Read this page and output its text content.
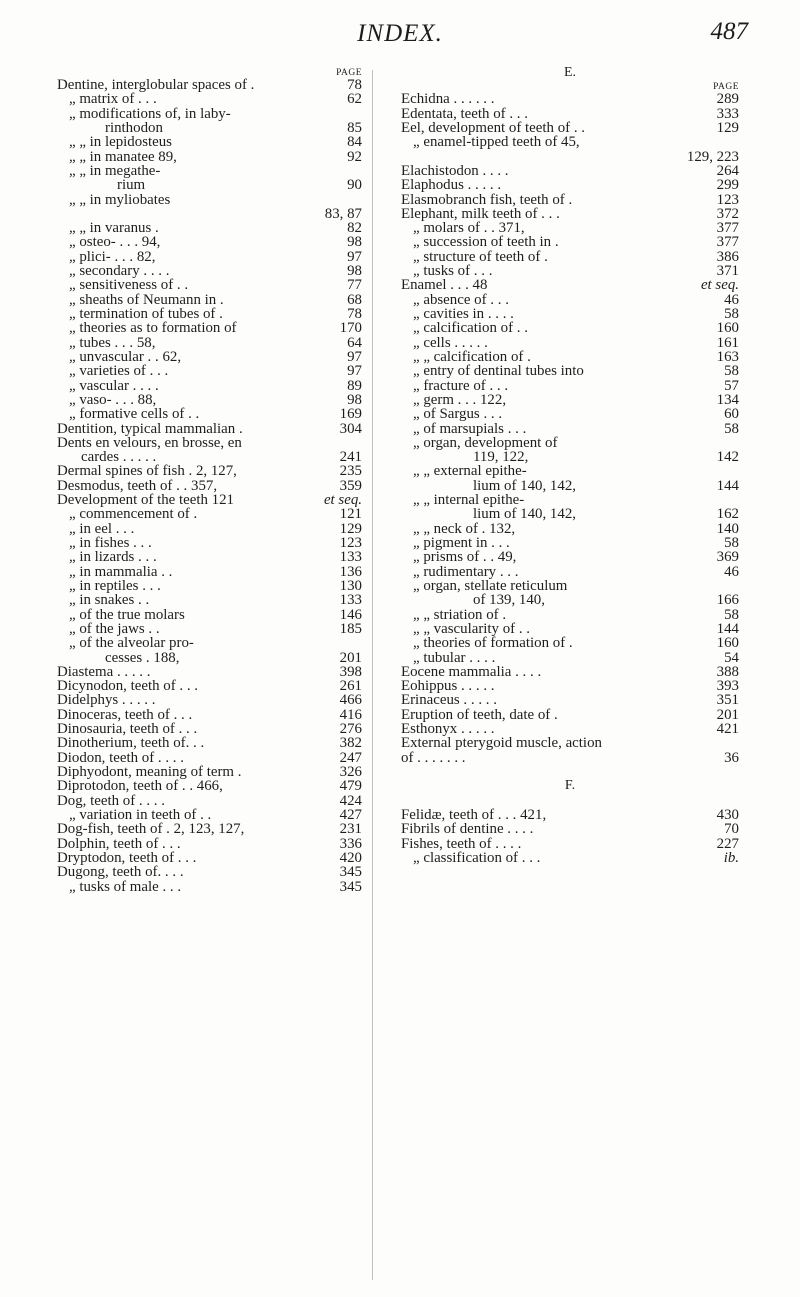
INDEX.	487
PAGE
Dentine, interglobular spaces of .	78
„ matrix of . . .	62
„ modifications of, in laby-
rinthodon	85
„ „ in lepidosteus	84
„ „ in manatee 89,	92
„ „ in megathe-
rium	90
„ „ in myliobates
83, 87
„ „ in varanus .	82
„ osteo- . . . 94,	98
„ plici- . . . 82,	97
„ secondary . . . .	98
„ sensitiveness of . .	77
„ sheaths of Neumann in .	68
„ termination of tubes of .	78
„ theories as to formation of	170
„ tubes . . . 58,	64
„ unvascular . . 62,	97
„ varieties of . . .	97
„ vascular . . . .	89
„ vaso- . . . 88,	98
„ formative cells of . .	169
Dentition, typical mammalian .	304
Dents en velours, en brosse, en
cardes . . . . .	241
Dermal spines of fish . 2, 127,	235
Desmodus, teeth of . . 357,	359
Development of the teeth 121	et seq.
„ commencement of .	121
„ in eel . . .	129
„ in fishes . . .	123
„ in lizards . . .	133
„ in mammalia . .	136
„ in reptiles . . .	130
„ in snakes . .	133
„ of the true molars	146
„ of the jaws . .	185
„ of the alveolar pro-
cesses . 188,	201
Diastema . . . . .	398
Dicynodon, teeth of . . .	261
Didelphys . . . . .	466
Dinoceras, teeth of . . .	416
Dinosauria, teeth of . . .	276
Dinotherium, teeth of. . .	382
Diodon, teeth of . . . .	247
Diphyodont, meaning of term .	326
Diprotodon, teeth of . . 466,	479
Dog, teeth of . . . .	424
„ variation in teeth of . .	427
Dog-fish, teeth of . 2, 123, 127,	231
Dolphin, teeth of . . .	336
Dryptodon, teeth of . . .	420
Dugong, teeth of. . . .	345
„ tusks of male . . .	345
E.
PAGE
Echidna . . . . . .	289
Edentata, teeth of . . .	333
Eel, development of teeth of . .	129
„ enamel-tipped teeth of 45,
129, 223
Elachistodon . . . .	264
Elaphodus . . . . .	299
Elasmobranch fish, teeth of .	123
Elephant, milk teeth of . . .	372
„ molars of . . 371,	377
„ succession of teeth in .	377
„ structure of teeth of .	386
„ tusks of . . .	371
Enamel . . . 48	et seq.
„ absence of . . .	46
„ cavities in . . . .	58
„ calcification of . .	160
„ cells . . . . .	161
„ „ calcification of .	163
„ entry of dentinal tubes into	58
„ fracture of . . .	57
„ germ . . . 122,	134
„ of Sargus . . .	60
„ of marsupials . . .	58
„ organ, development of
119, 122,	142
„ „ external epithe-
lium of 140, 142,	144
„ „ internal epithe-
lium of 140, 142,	162
„ „ neck of . 132,	140
„ pigment in . . .	58
„ prisms of . . 49,	369
„ rudimentary . . .	46
„ organ, stellate reticulum
of 139, 140,	166
„ „ striation of .	58
„ „ vascularity of . .	144
„ theories of formation of .	160
„ tubular . . . .	54
Eocene mammalia . . . .	388
Eohippus . . . . .	393
Erinaceus . . . . .	351
Eruption of teeth, date of .	201
Esthonyx . . . . .	421
External pterygoid muscle, action
of . . . . . . .	36
F.
Felidæ, teeth of . . . 421,	430
Fibrils of dentine . . . .	70
Fishes, teeth of . . . .	227
„ classification of . . .	ib.
